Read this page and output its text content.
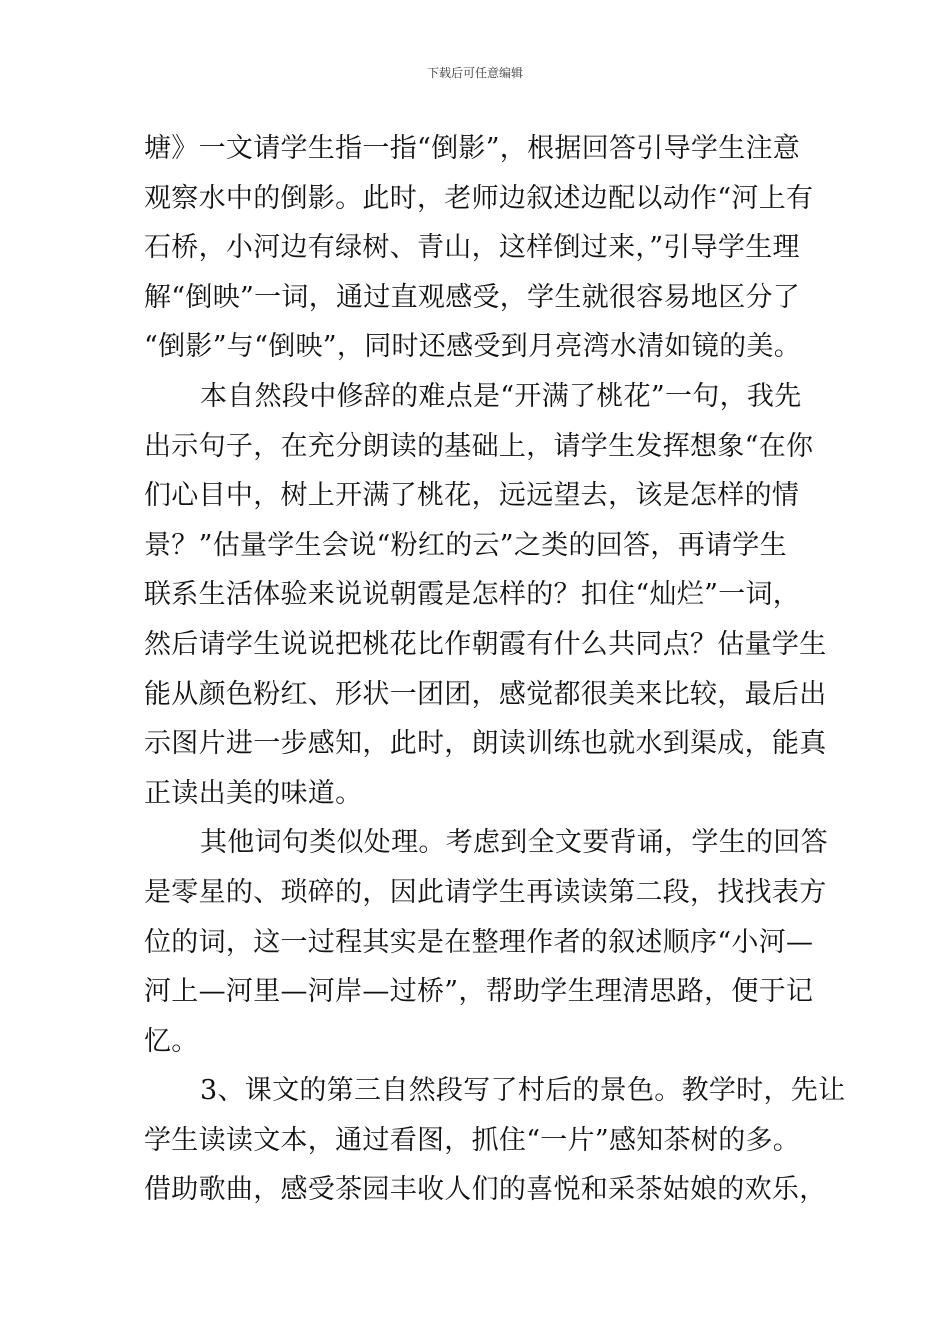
下载后可任意编辑
塘》一文请学生指一指“倒影”，根据回答引导学生注意
观察水中的倒影。此时，老师边叙述边配以动作“河上有
石桥，小河边有绿树、青山，这样倒过来，”引导学生理
解“倒映”一词，通过直观感受，学生就很容易地区分了
“倒影”与“倒映”，同时还感受到月亮湾水清如镜的美。
本自然段中修辞的难点是“开满了桃花”一句，我先
出示句子，在充分朗读的基础上，请学生发挥想象“在你
们心目中，树上开满了桃花，远远望去，该是怎样的情
景？”估量学生会说“粉红的云”之类的回答，再请学生
联系生活体验来说说朝霞是怎样的？扣住“灿烂”一词，
然后请学生说说把桃花比作朝霞有什么共同点？估量学生
能从颜色粉红、形状一团团，感觉都很美来比较，最后出
示图片进一步感知，此时，朗读训练也就水到渠成，能真
正读出美的味道。
其他词句类似处理。考虑到全文要背诵，学生的回答
是零星的、琐碎的，因此请学生再读读第二段，找找表方
位的词，这一过程其实是在整理作者的叙述顺序“小河—
河上—河里—河岸—过桥”，帮助学生理清思路，便于记
忆。
3、课文的第三自然段写了村后的景色。教学时，先让
学生读读文本，通过看图，抓住“一片”感知茶树的多。
借助歌曲，感受茶园丰收人们的喜悦和采茶姑娘的欢乐，
